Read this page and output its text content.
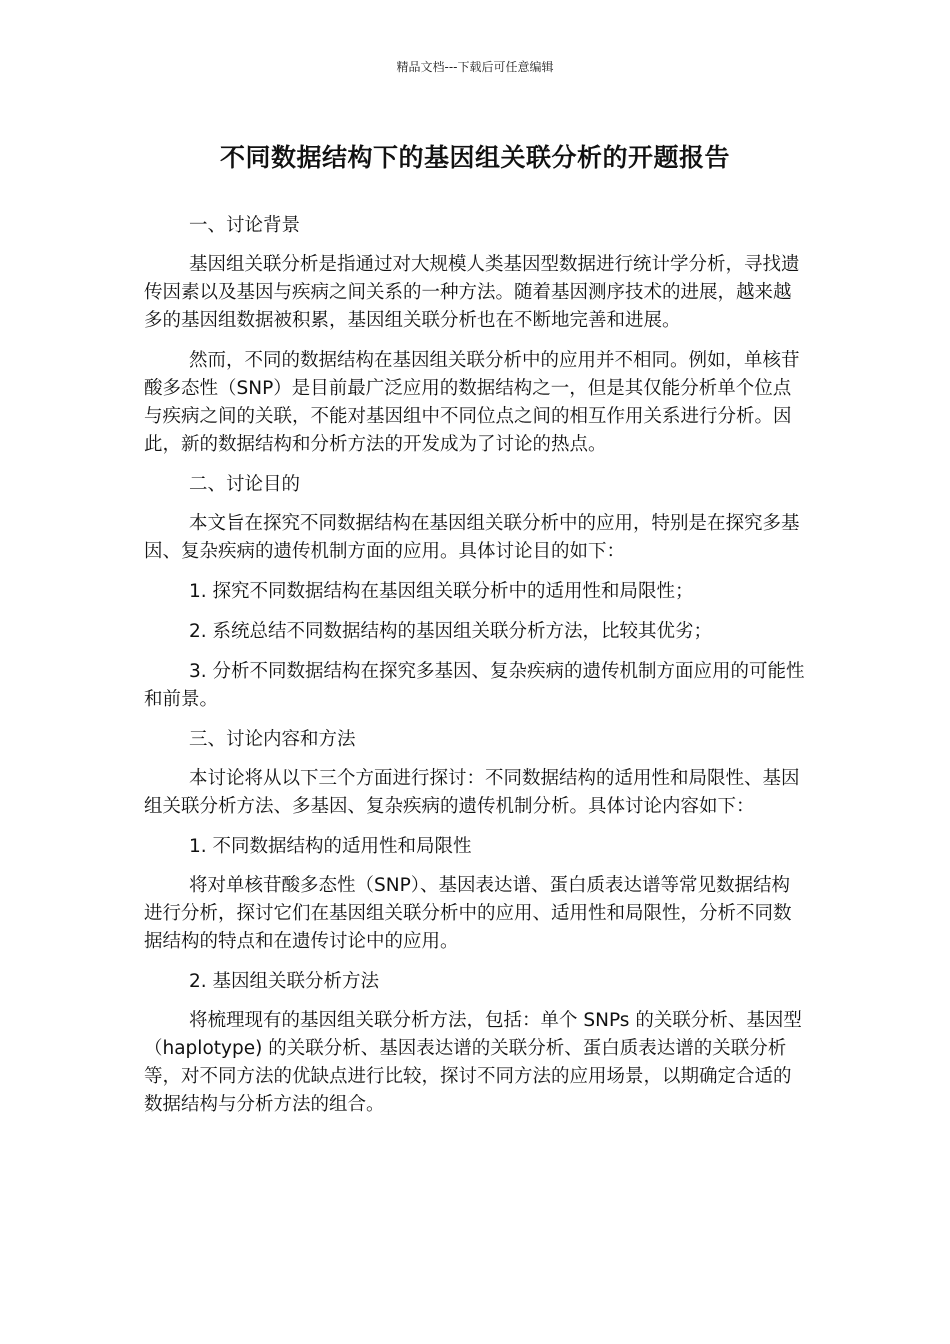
精品文档---下载后可任意编辑
不同数据结构下的基因组关联分析的开题报告

一、讨论背景

基因组关联分析是指通过对大规模人类基因型数据进行统计学分析，寻找遗传因素以及基因与疾病之间关系的一种方法。随着基因测序技术的进展，越来越多的基因组数据被积累，基因组关联分析也在不断地完善和进展。

然而，不同的数据结构在基因组关联分析中的应用并不相同。例如，单核苷酸多态性（SNP）是目前最广泛应用的数据结构之一，但是其仅能分析单个位点与疾病之间的关联，不能对基因组中不同位点之间的相互作用关系进行分析。因此，新的数据结构和分析方法的开发成为了讨论的热点。

二、讨论目的

本文旨在探究不同数据结构在基因组关联分析中的应用，特别是在探究多基因、复杂疾病的遗传机制方面的应用。具体讨论目的如下：

1. 探究不同数据结构在基因组关联分析中的适用性和局限性；

2. 系统总结不同数据结构的基因组关联分析方法，比较其优劣；

3. 分析不同数据结构在探究多基因、复杂疾病的遗传机制方面应用的可能性和前景。

三、讨论内容和方法

本讨论将从以下三个方面进行探讨：不同数据结构的适用性和局限性、基因组关联分析方法、多基因、复杂疾病的遗传机制分析。具体讨论内容如下：

1. 不同数据结构的适用性和局限性

将对单核苷酸多态性（SNP）、基因表达谱、蛋白质表达谱等常见数据结构进行分析，探讨它们在基因组关联分析中的应用、适用性和局限性，分析不同数据结构的特点和在遗传讨论中的应用。

2. 基因组关联分析方法

将梳理现有的基因组关联分析方法，包括：单个 SNPs 的关联分析、基因型（haplotype) 的关联分析、基因表达谱的关联分析、蛋白质表达谱的关联分析等，对不同方法的优缺点进行比较，探讨不同方法的应用场景，以期确定合适的数据结构与分析方法的组合。
